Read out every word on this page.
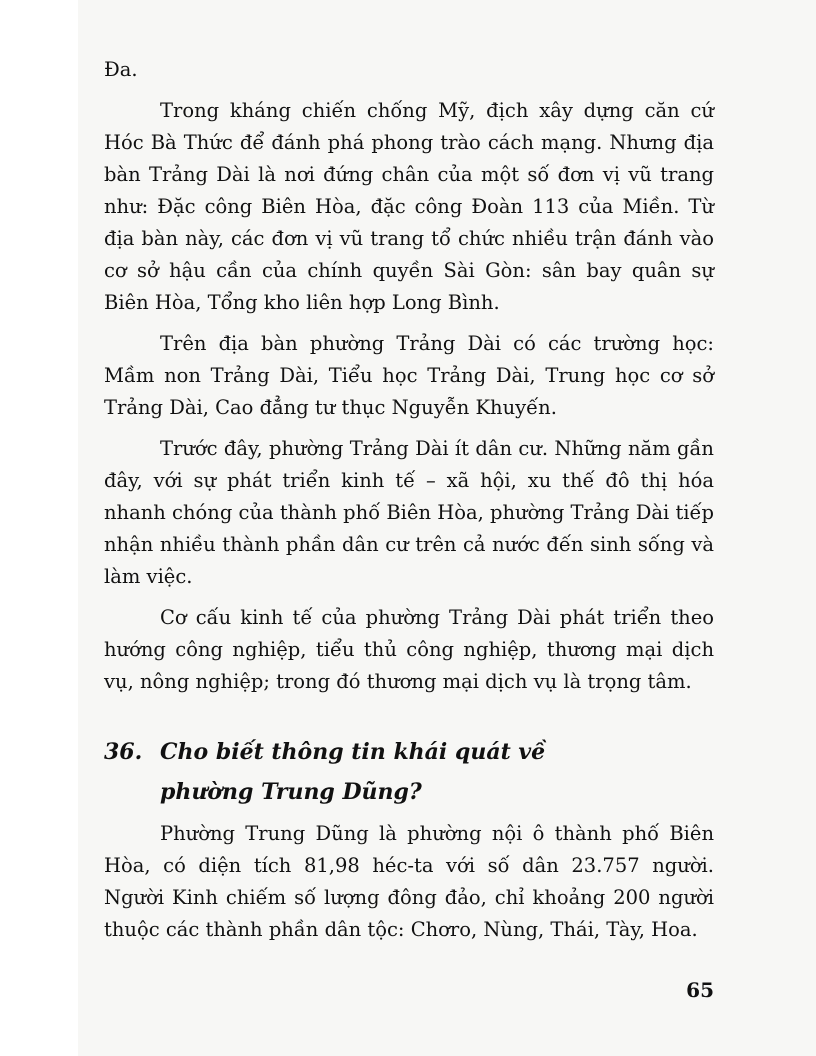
Đa.

Trong kháng chiến chống Mỹ, địch xây dựng căn cứ Hóc Bà Thức để đánh phá phong trào cách mạng. Nhưng địa bàn Trảng Dài là nơi đứng chân của một số đơn vị vũ trang như: Đặc công Biên Hòa, đặc công Đoàn 113 của Miền. Từ địa bàn này, các đơn vị vũ trang tổ chức nhiều trận đánh vào cơ sở hậu cần của chính quyền Sài Gòn: sân bay quân sự Biên Hòa, Tổng kho liên hợp Long Bình.

Trên địa bàn phường Trảng Dài có các trường học: Mầm non Trảng Dài, Tiểu học Trảng Dài, Trung học cơ sở Trảng Dài, Cao đẳng tư thục Nguyễn Khuyến.

Trước đây, phường Trảng Dài ít dân cư. Những năm gần đây, với sự phát triển kinh tế – xã hội, xu thế đô thị hóa nhanh chóng của thành phố Biên Hòa, phường Trảng Dài tiếp nhận nhiều thành phần dân cư trên cả nước đến sinh sống và làm việc.

Cơ cấu kinh tế của phường Trảng Dài phát triển theo hướng công nghiệp, tiểu thủ công nghiệp, thương mại dịch vụ, nông nghiệp; trong đó thương mại dịch vụ là trọng tâm.

36. Cho biết thông tin khái quát về phường Trung Dũng?

Phường Trung Dũng là phường nội ô thành phố Biên Hòa, có diện tích 81,98 héc-ta với số dân 23.757 người. Người Kinh chiếm số lượng đông đảo, chỉ khoảng 200 người thuộc các thành phần dân tộc: Chơro, Nùng, Thái, Tày, Hoa.

65
